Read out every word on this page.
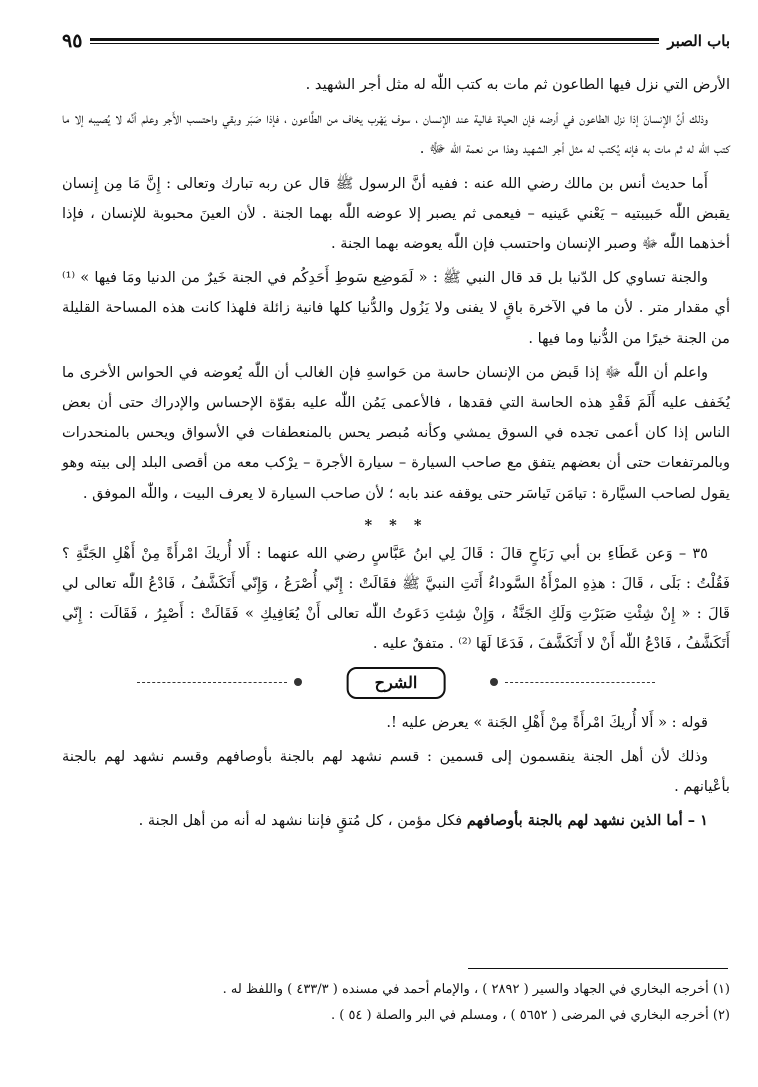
باب الصبر
٩٥

الأرض التي نزل فيها الطاعون ثم مات به كتب اللّٰه له مثل أجر الشهيد .

وذلك أنَّ الإنسانَ إذا نزل الطاعون في أرضه فإن الحياة غالية عند الإنسان ، سوف يَهْرب يخاف من الطَّاعون ، فإذا صَبَر وبقي واحتسب الأَجر وعلم أنَّه لا يُصيبه إلا ما كتب اللّٰه له ثم مات به فإنه يُكتب له مثل أجر الشهيد وهذا من نعمة اللّٰه ﷻ .

أَما حديث أنس بن مالك رضي الله عنه : ففيه أنَّ الرسول ﷺ قال عن ربه تبارك وتعالى : إِنَّ مَا مِن إِنسان يقبض اللّٰه حَبيبتيه – يَعْني عَينيه – فيعمى ثم يصبر إلا عوضه اللّٰه بهما الجنة . لأن العينَ محبوبة للإنسان ، فإذا أخذهما اللّٰه ﷻ وصبر الإنسان واحتسب فإن اللّٰه يعوضه بهما الجنة .

والجنة تساوي كل الدّنيا بل قد قال النبي ﷺ : « لَمَوضِع سَوطِ أَحَدِكُم في الجنة خَيرٌ من الدنيا ومَا فيها » ⁽¹⁾ أي مقدار متر . لأن ما في الآخرة باقٍ لا يفنى ولا يَزُول والدُّنيا كلها فانية زائلة فلهذا كانت هذه المساحة القليلة من الجنة خيرًا من الدُّنيا وما فيها .

واعلم أن اللّٰه ﷻ إذا قَبض من الإنسان حاسة من حَواسهِ فإن الغالب أن اللّٰه يُعوضه في الحواس الأخرى ما يُخَفف عليه أَلَمَ فَقْدِ هذه الحاسة التي فقدها ، فالأعمى يَمُن اللّٰه عليه بقوّة الإحساس والإدراك حتى أن بعض الناس إذا كان أعمى تجده في السوق يمشي وكأنه مُبصر يحس بالمنعطفات في الأسواق ويحس بالمنحدرات وبالمرتفعات حتى أن بعضهم يتفق مع صاحب السيارة – سيارة الأجرة – يرْكب معه من أقصى البلد إلى بيته وهو يقول لصاحب السيَّارة : تيامَن تَياسَر حتى يوقفه عند بابه ؛ لأن صاحب السيارة لا يعرف البيت ، واللّٰه الموفق .

* * *

٣٥ – وَعن عَطَاءِ بن أبي رَبَاحٍ قالَ : قَالَ لِي ابنُ عَبَّاسٍ رضي الله عنهما : أَلا أُريكَ امْرأَةً مِنْ أَهْلِ الجَنَّةِ ؟ فَقُلْتُ : بَلَى ، قَالَ : هذِهِ المرْأَةُ السَّوداءُ أَتَتِ النبيَّ ﷺ فقَالَتْ : إِنّي أُصْرَعُ ، وَإِنّي أَتَكَشَّفُ ، فَادْعُ اللّٰه تعالى لي قَالَ : « إِنْ شِئْتِ صَبَرْتِ وَلَكِ الجَنَّةُ ، وَإِنْ شِئتِ دَعَوتُ اللّٰه تعالى أَنْ يُعَافِيكِ » فَقَالَتْ : أَصْبِرُ ، فَقَالَت : إِنّي أَتَكَشَّفُ ، فَادْعُ اللّٰه أَنْ لا أَتَكَشَّفَ ، فَدَعَا لَهَا ⁽²⁾ . متفقٌ عليه .

الشرح

قوله : « أَلا أُريكَ امْرأَةً مِنْ أَهْلِ الجَنة » يعرض عليه !.

وذلك لأن أهل الجنة ينقسمون إلى قسمين : قسم نشهد لهم بالجنة بأوصافهم وقسم نشهد لهم بالجنة بأعْيانهم .

١ – أما الذين نشهد لهم بالجنة بأوصافهم فكل مؤمن ، كل مُتقٍ فإننا نشهد له أنه من أهل الجنة .

(١) أخرجه البخاري في الجهاد والسير ( ٢٨٩٢ ) ، والإمام أحمد في مسنده ( ٤٣٣/٣ ) واللفظ له .
(٢) أخرجه البخاري في المرضى ( ٥٦٥٢ ) ، ومسلم في البر والصلة ( ٥٤ ) .
